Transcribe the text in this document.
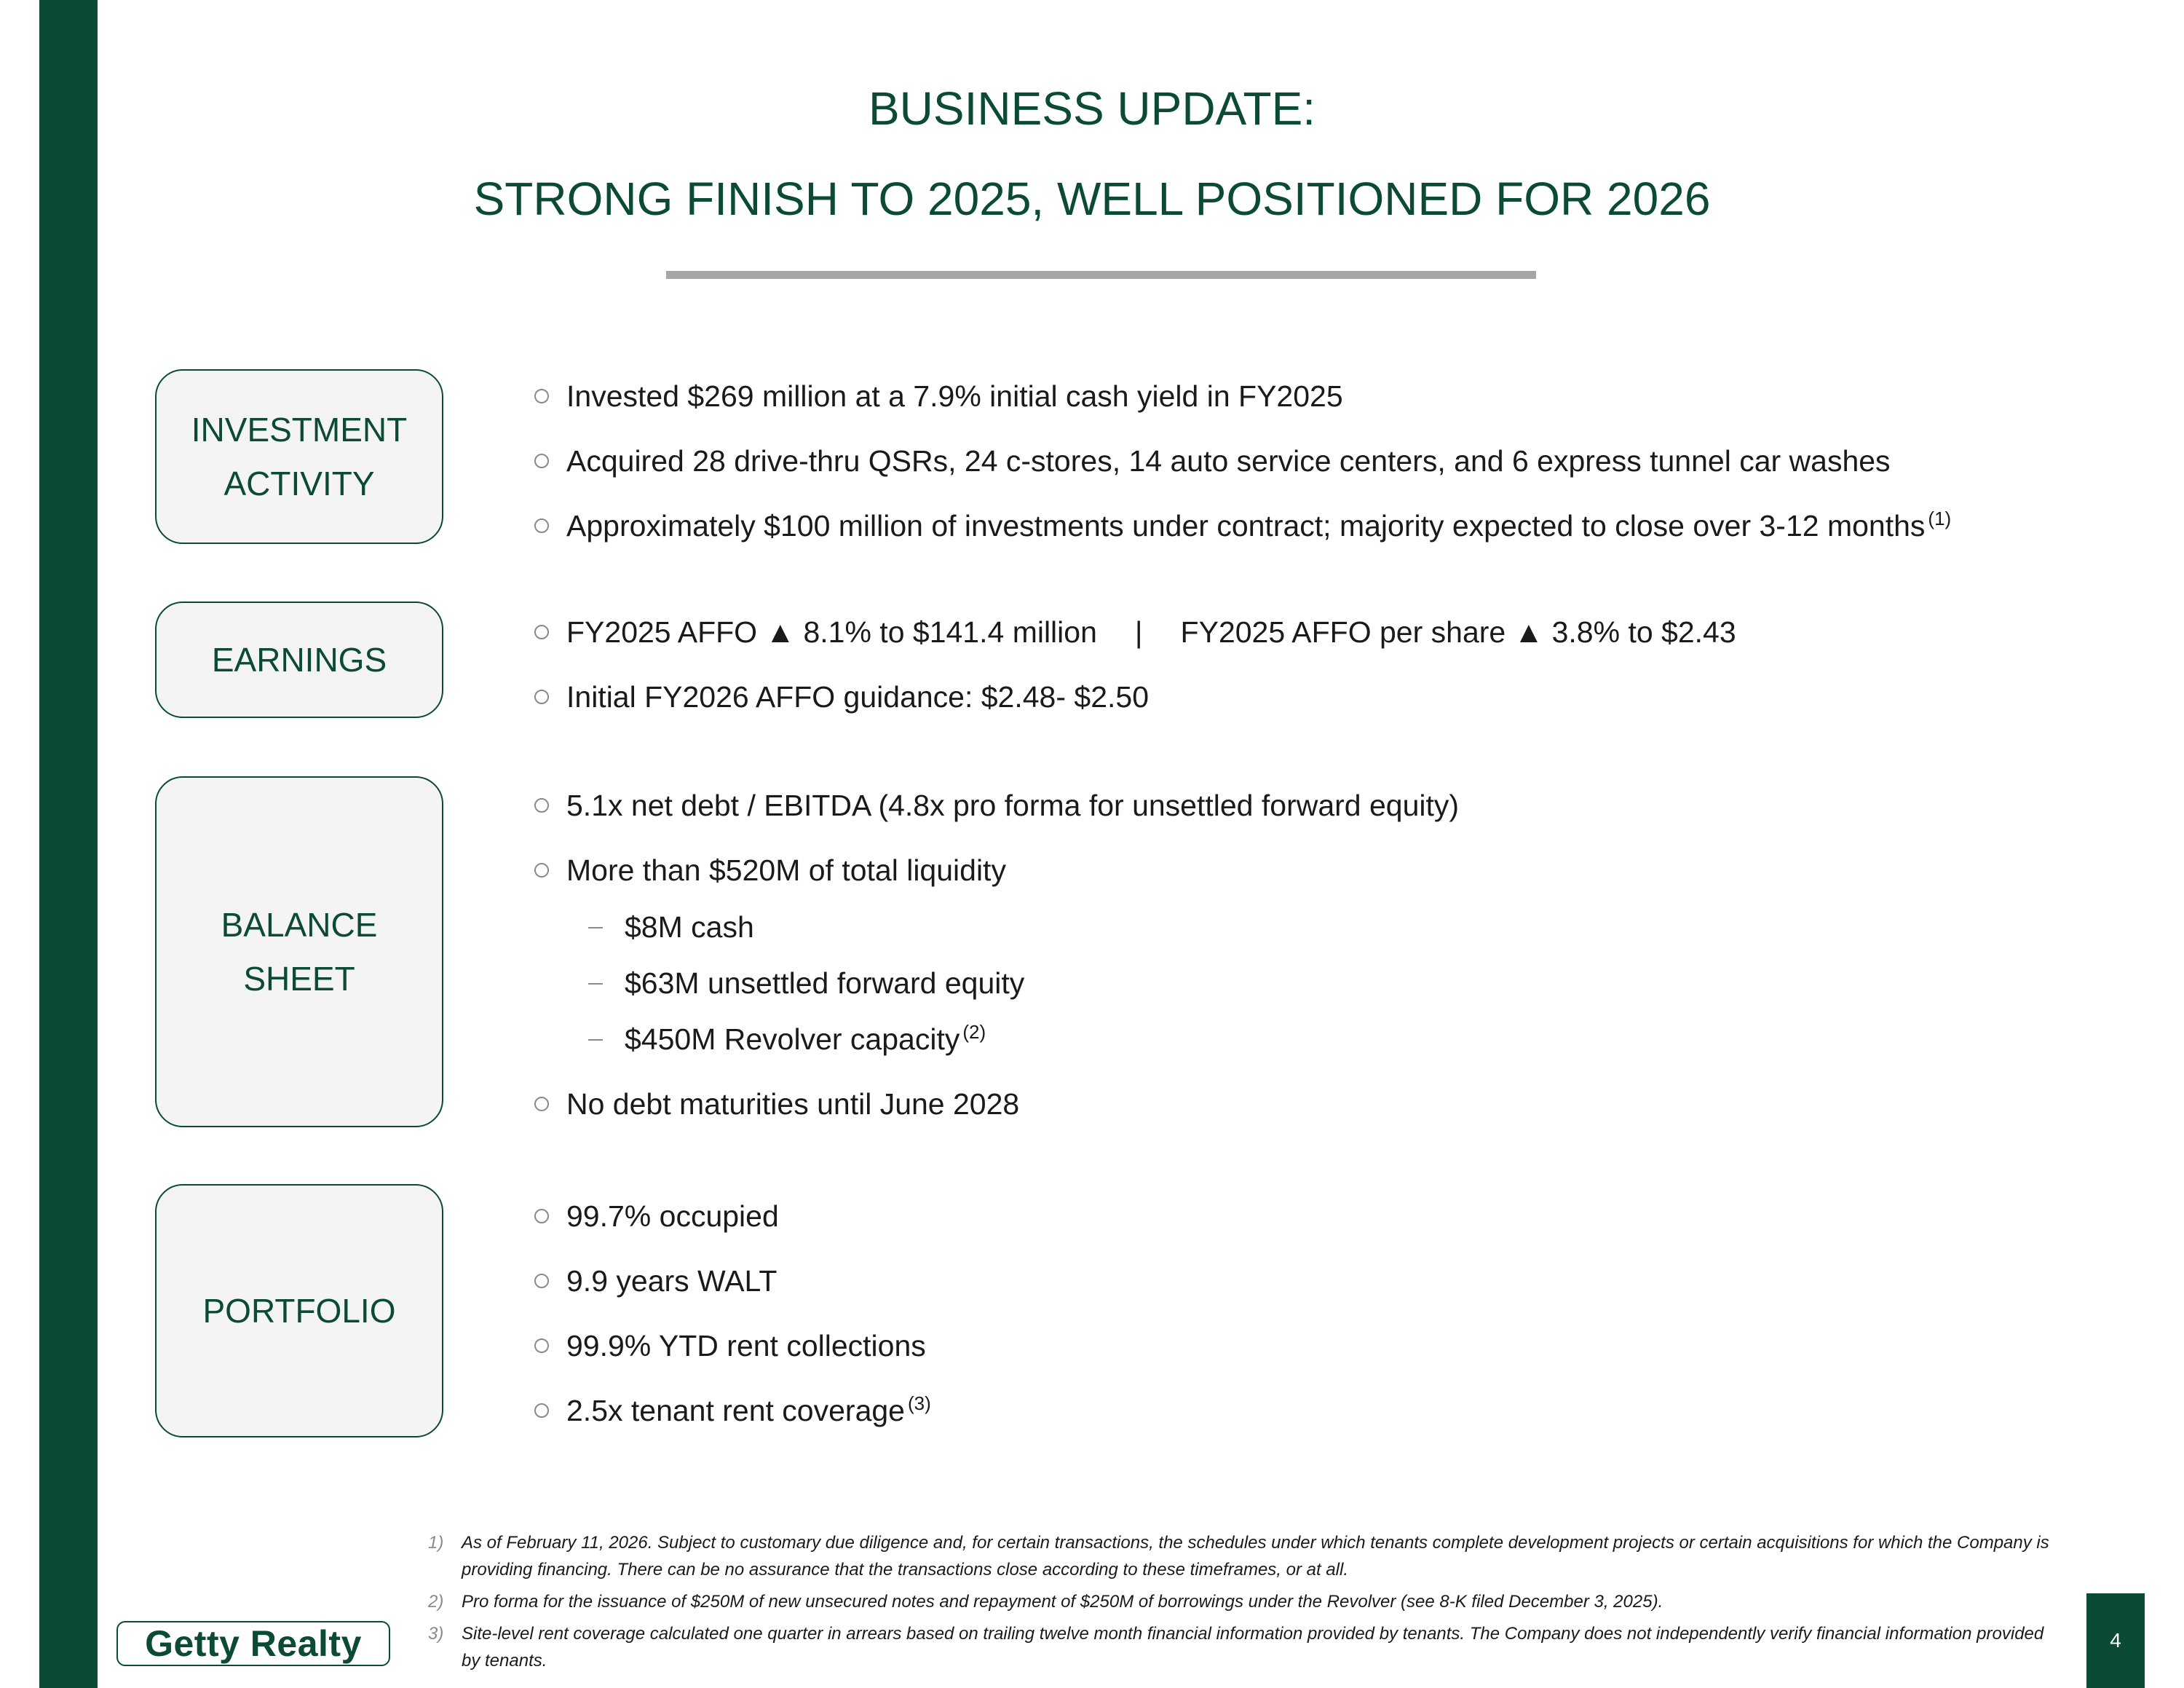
BUSINESS UPDATE:
STRONG FINISH TO 2025, WELL POSITIONED FOR 2026
INVESTMENT
ACTIVITY
Invested $269 million at a 7.9% initial cash yield in FY2025
Acquired 28 drive-thru QSRs, 24 c-stores, 14 auto service centers, and 6 express tunnel car washes
Approximately $100 million of investments under contract; majority expected to close over 3-12 months $^{(1)}$
EARNINGS
FY2025 AFFO ▲ 8.1% to $141.4 million | FY2025 AFFO per share ▲ 3.8% to $2.43
Initial FY2026 AFFO guidance: $2.48- $2.50
BALANCE
SHEET
5.1x net debt / EBITDA (4.8x pro forma for unsettled forward equity)
More than $520M of total liquidity
$8M cash
$63M unsettled forward equity
$450M Revolver capacity $^{(2)}$
No debt maturities until June 2028
PORTFOLIO
99.7% occupied
9.9 years WALT
99.9% YTD rent collections
2.5x tenant rent coverage $^{(3)}$
1) As of February 11, 2026. Subject to customary due diligence and, for certain transactions, the schedules under which tenants complete development projects or certain acquisitions for which the Company is providing financing. There can be no assurance that the transactions close according to these timeframes, or at all.
2) Pro forma for the issuance of $250M of new unsecured notes and repayment of $250M of borrowings under the Revolver (see 8-K filed December 3, 2025).
3) Site-level rent coverage calculated one quarter in arrears based on trailing twelve month financial information provided by tenants. The Company does not independently verify financial information provided by tenants.
Getty Realty	4
